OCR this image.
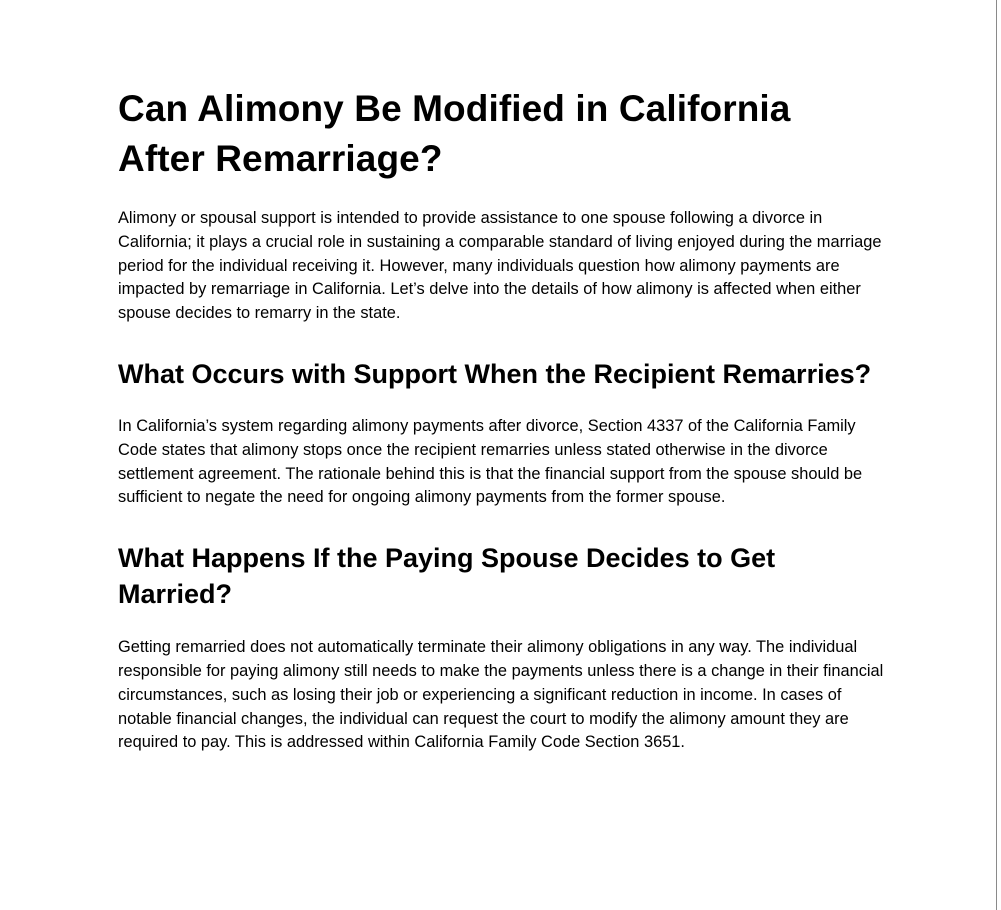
Can Alimony Be Modified in California After Remarriage?

Alimony or spousal support is intended to provide assistance to one spouse following a divorce in California; it plays a crucial role in sustaining a comparable standard of living enjoyed during the marriage period for the individual receiving it. However, many individuals question how alimony payments are impacted by remarriage in California. Let’s delve into the details of how alimony is affected when either spouse decides to remarry in the state.

What Occurs with Support When the Recipient Remarries?

In California’s system regarding alimony payments after divorce, Section 4337 of the California Family Code states that alimony stops once the recipient remarries unless stated otherwise in the divorce settlement agreement. The rationale behind this is that the financial support from the spouse should be sufficient to negate the need for ongoing alimony payments from the former spouse.

What Happens If the Paying Spouse Decides to Get Married?

Getting remarried does not automatically terminate their alimony obligations in any way. The individual responsible for paying alimony still needs to make the payments unless there is a change in their financial circumstances, such as losing their job or experiencing a significant reduction in income. In cases of notable financial changes, the individual can request the court to modify the alimony amount they are required to pay. This is addressed within California Family Code Section 3651.
